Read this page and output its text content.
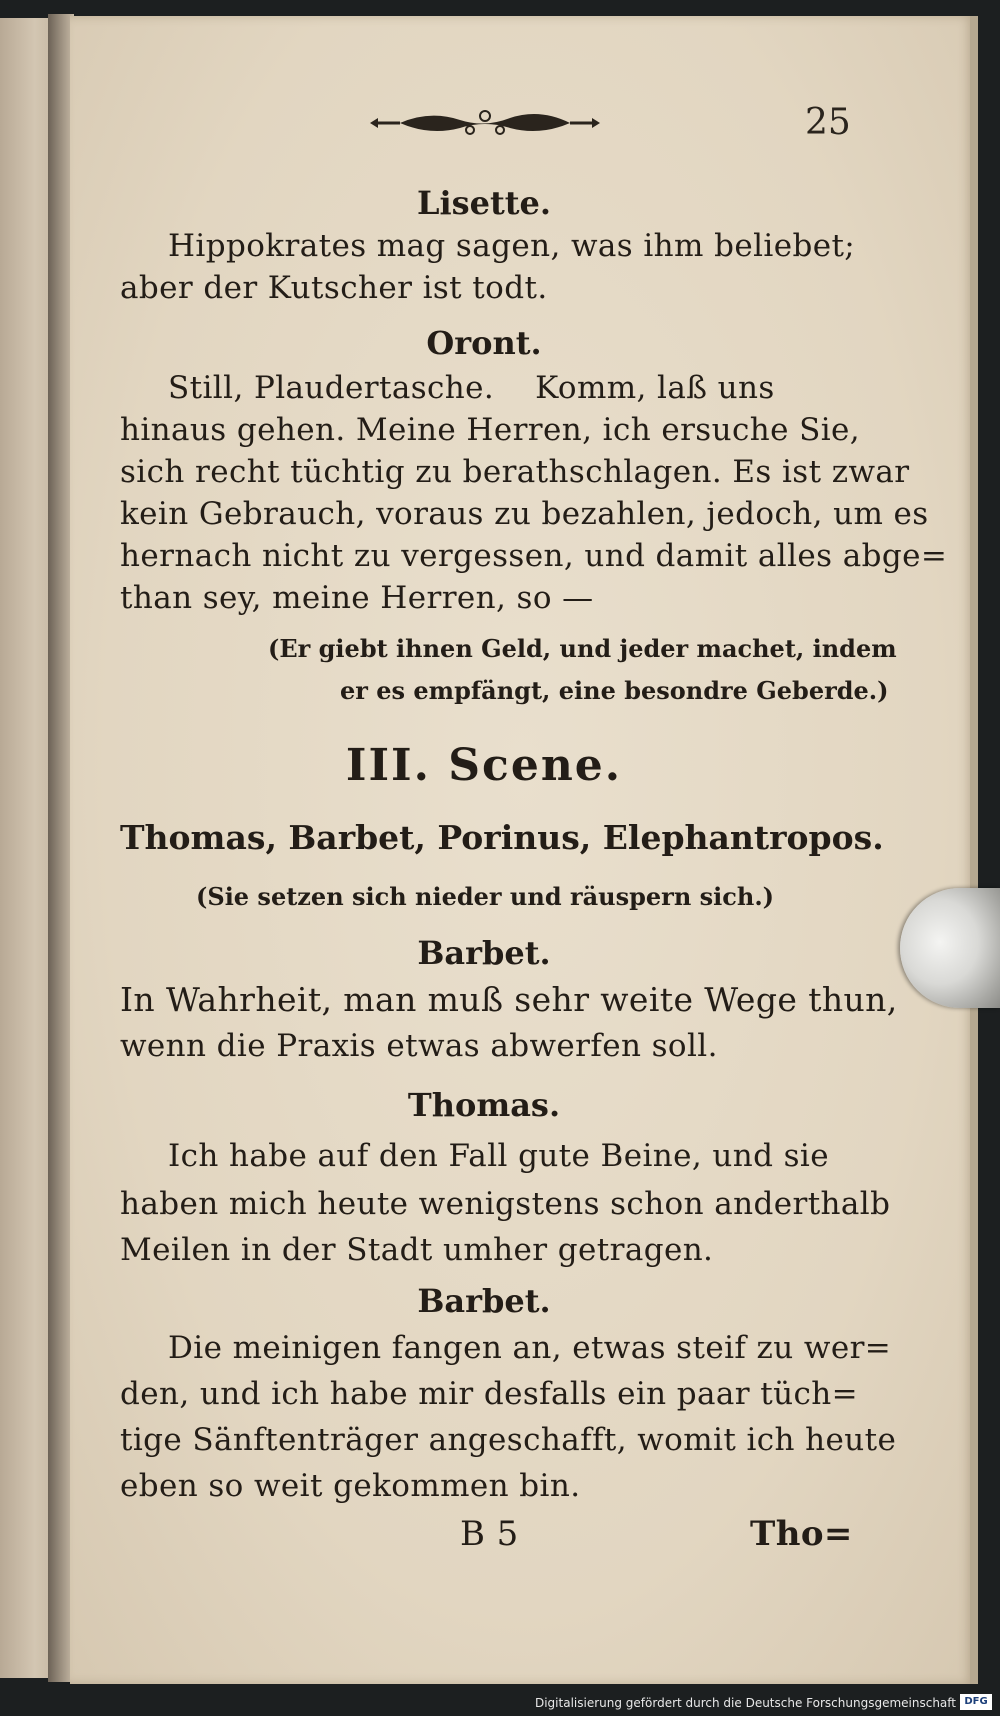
25
Lisette.
Hippokrates mag sagen, was ihm beliebet;
aber der Kutscher ist todt.
Oront.
Still, Plaudertasche.    Komm, laß uns
hinaus gehen. Meine Herren, ich ersuche Sie,
sich recht tüchtig zu berathschlagen. Es ist zwar
kein Gebrauch, voraus zu bezahlen, jedoch, um es
hernach nicht zu vergessen, und damit alles abge=
than sey, meine Herren, so —
(Er giebt ihnen Geld, und jeder machet, indem
er es empfängt, eine besondre Geberde.)
III. Scene.
Thomas, Barbet, Porinus, Elephantropos.
(Sie setzen sich nieder und räuspern sich.)
Barbet.
In Wahrheit, man muß sehr weite Wege thun,
wenn die Praxis etwas abwerfen soll.
Thomas.
Ich habe auf den Fall gute Beine, und sie
haben mich heute wenigstens schon anderthalb
Meilen in der Stadt umher getragen.
Barbet.
Die meinigen fangen an, etwas steif zu wer=
den, und ich habe mir desfalls ein paar tüch=
tige Sänftenträger angeschafft, womit ich heute
eben so weit gekommen bin.
B 5	Tho=
Digitalisierung gefördert durch die Deutsche Forschungsgemeinschaft DFG
